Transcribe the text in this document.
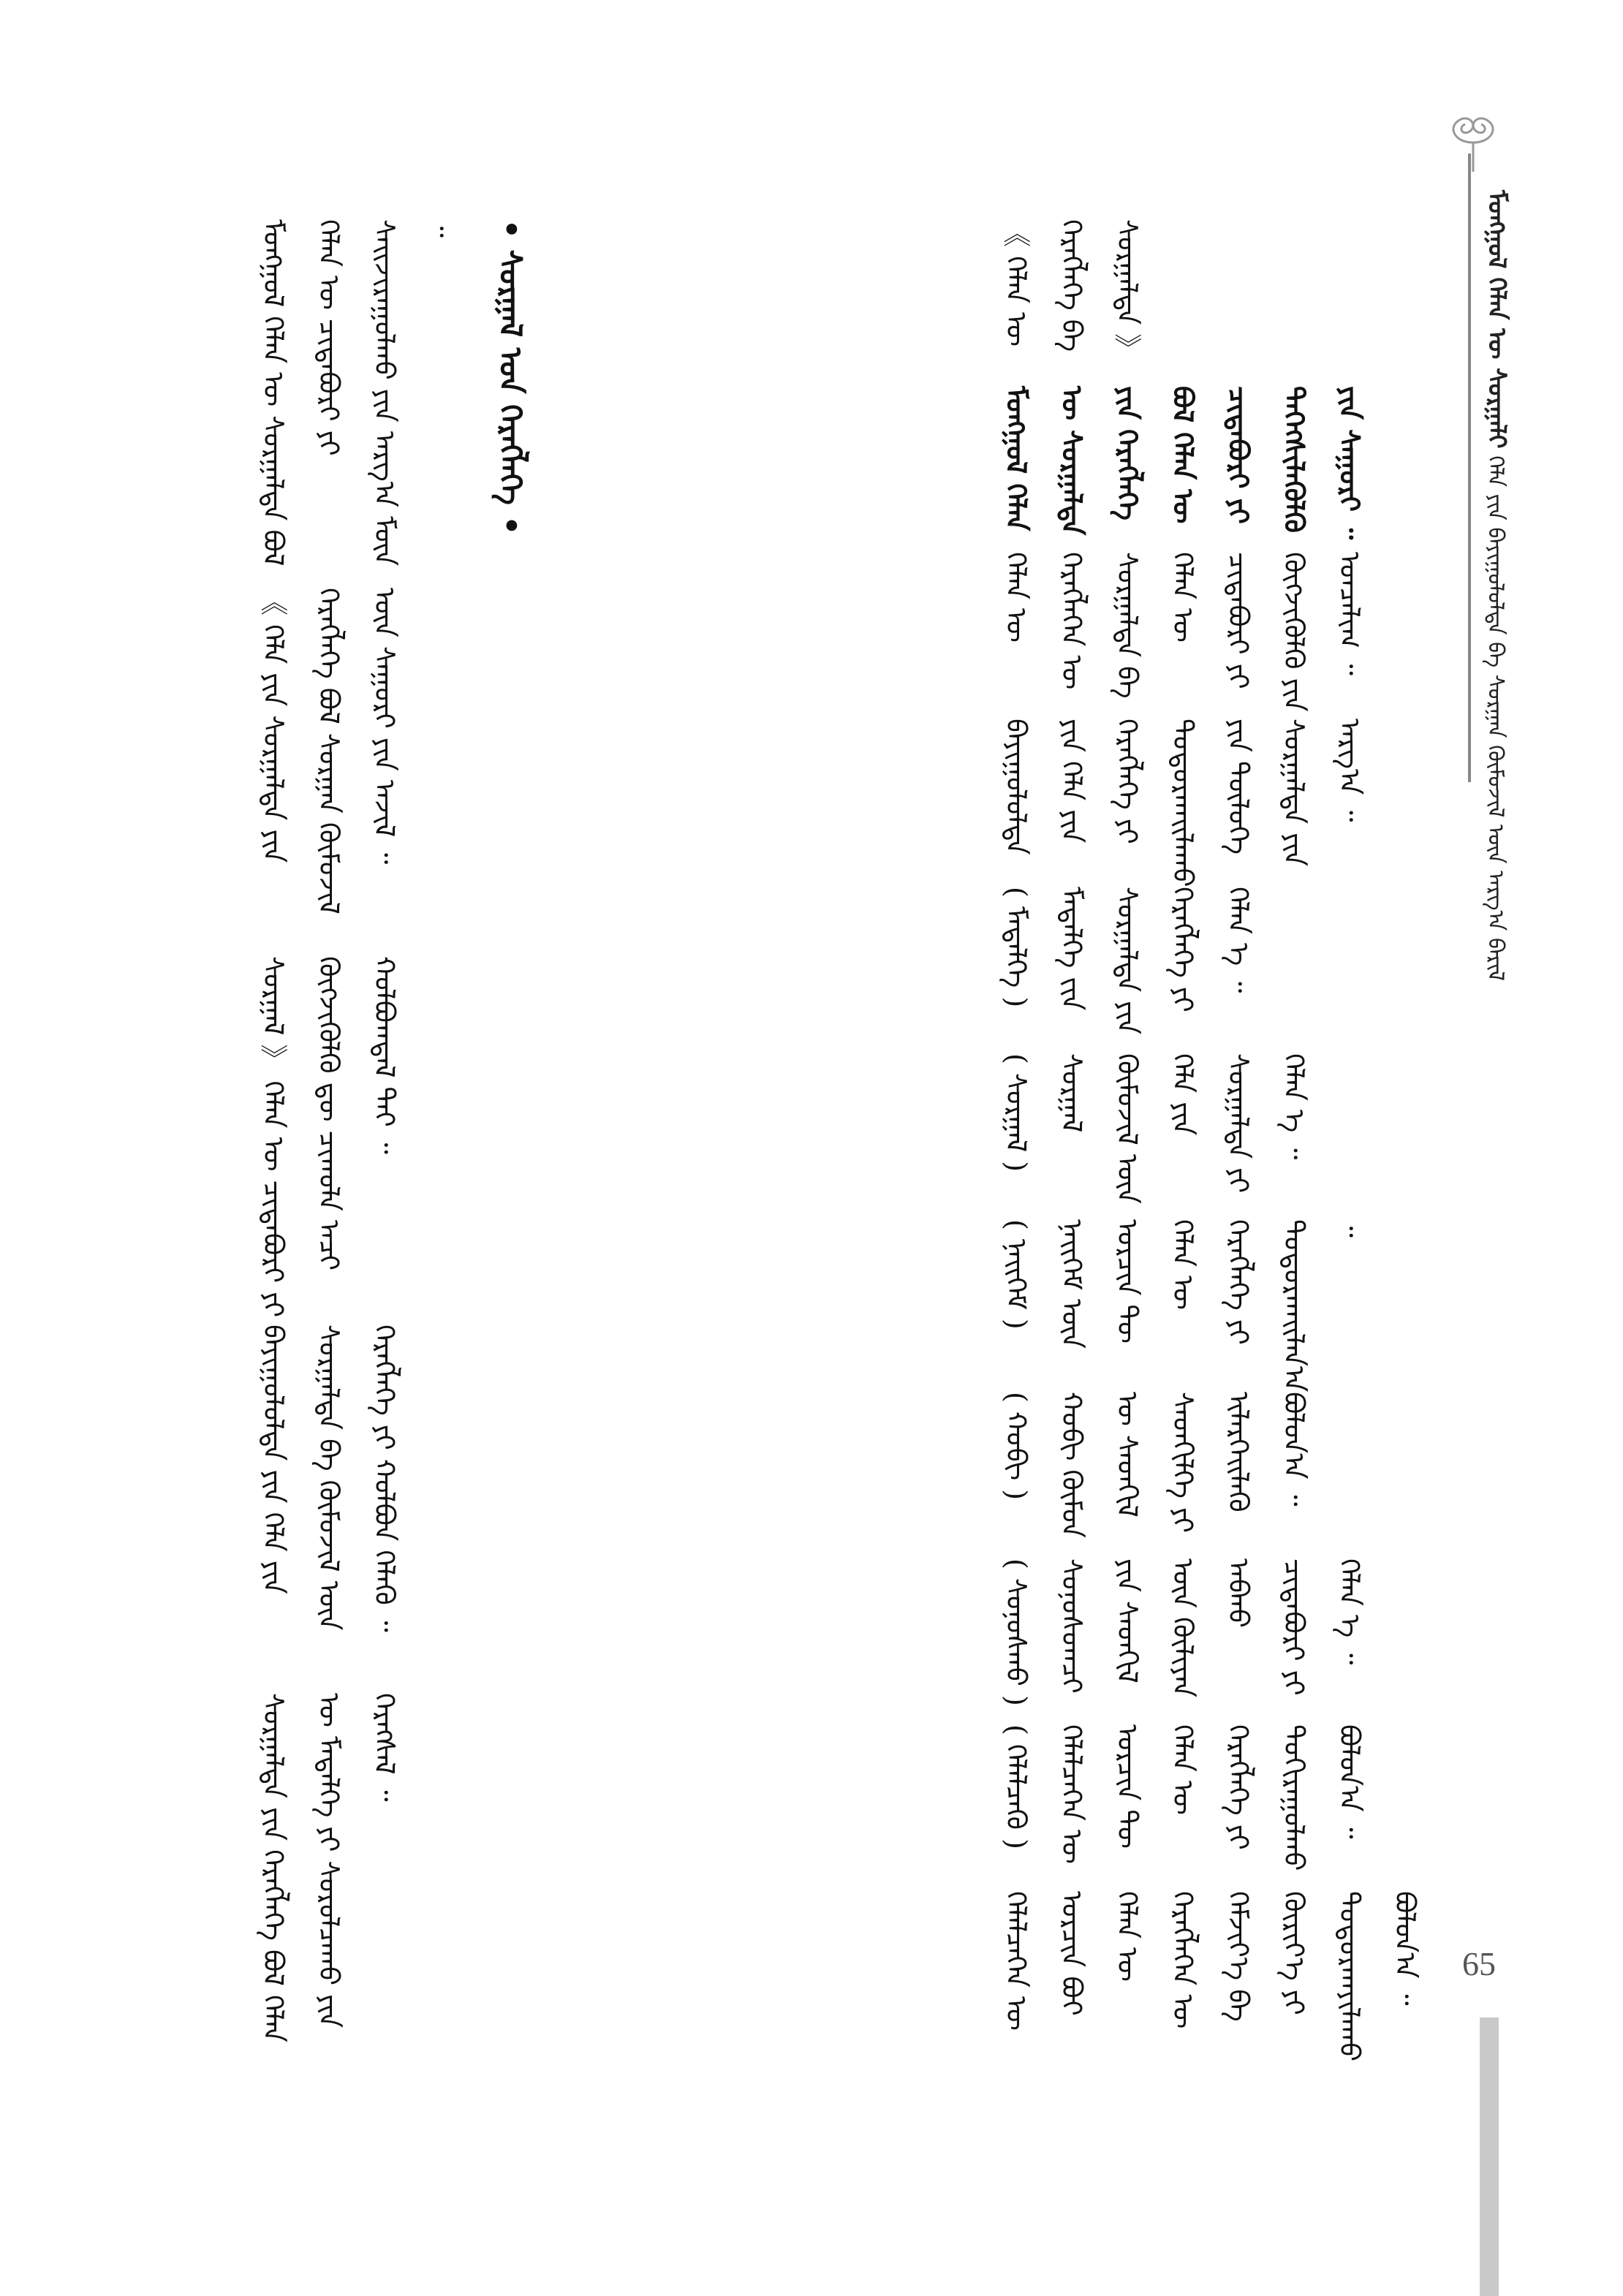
ᠮᠣᠩᠭᠣᠯ ᠬᠡᠯᠡᠨ ᠦ ᠰᠤᠷᠭᠠᠯᠢ ᠬᠡᠯᠡ ᠶᠢᠨ ᠪᠠᠶᠢᠭᠤᠯᠤᠯᠲᠠ ᠪᠠ ᠰᠤᠷᠭᠠᠨ ᠬᠦᠮᠦᠵᠢᠯ ᠦᠨ ᠠᠷᠭ᠎ᠠ ᠪᠠᠷᠢᠯ
ᠬᠡᠯᠡᠯᠴᠡᠭᠡᠨ ᠦ ᠣᠷᠴᠢᠨ ᠪᠤᠢ ᠬᠡᠯᠡᠨ ᠦ ᠬᠡᠷᠡᠭᠯᠡᠭᠡᠨ ᠦ ᠬᠡᠮᠵᠢᠶ᠎ᠡ ᠪᠠ ᠬᠦᠷᠢᠶ᠎ᠡ ᠶᠢ ᠲᠣᠳᠣᠷᠬᠠᠶᠢᠯᠠᠬᠤ ᠪᠣᠯᠤᠨ᠎ᠠ ᠃
( ᠬᠡᠯᠡᠯᠴᠡᠬᠦ ) ᠬᠡᠯᠡᠯᠴᠡᠭᠡᠨ ᠦ ᠣᠷᠴᠢᠨ ᠲᠦ ᠬᠡᠯᠡᠨ ᠦ ᠬᠡᠷᠡᠭᠯᠡᠭᠡ ᠶᠢ ᠲᠣᠬᠢᠷᠠᠭᠤᠯᠬᠤ ᠪᠣᠯᠤᠨ᠎ᠠ ᠃
( ᠰᠣᠨᠣᠰᠬᠤ ) ᠰᠣᠨᠣᠰᠤᠭᠴᠢ ᠶᠢᠨ ᠰᠡᠳᠬᠢᠯ ᠦᠨ ᠬᠦᠯᠢᠶᠡᠨ ᠠᠪᠬᠤ ᠴᠢᠳᠠᠪᠤᠷᠢ ᠶᠢ ᠬᠡᠯᠡᠨ ᠡ ᠃
( ᠬᠤᠪᠢ ) ᠬᠤᠪᠢ ᠬᠦᠮᠦᠨ ᠦ ᠰᠡᠳᠬᠢᠯ ᠰᠡᠳᠬᠢᠯᠭᠡ ᠶᠢ ᠢᠯᠡᠷᠬᠡᠢᠯᠡᠬᠦ ᠪᠣᠯᠤᠨ᠎ᠠ ᠃
( ᠨᠡᠢᠭᠡᠮ ) ᠨᠡᠢᠭᠡᠮ ᠦᠨ ᠣᠷᠴᠢᠨ ᠲᠦ ᠬᠡᠯᠡᠨ ᠦ ᠬᠡᠷᠡᠭᠯᠡᠭᠡ ᠶᠢ ᠲᠣᠳᠣᠷᠬᠠᠢᠯᠠᠨ᠎ᠠ ᠃
( ᠰᠤᠷᠭᠠᠯ ) ᠰᠤᠷᠭᠠᠯ ᠬᠦᠮᠦᠵᠢᠯ ᠦᠨ ᠬᠡᠯᠡ ᠶᠢᠨ ᠰᠤᠷᠭᠠᠯᠲᠠ ᠶᠢ ᠬᠡᠯᠡᠨ ᠡ ᠃
( ᠮᠡᠳᠡᠯᠭᠡ ) ᠮᠡᠳᠡᠯᠭᠡ ᠵᠢᠨ ᠰᠤᠷᠭᠠᠯᠲᠠ ᠶᠢᠨ ᠬᠡᠷᠡᠭᠯᠡᠭᠡ ᠶᠢ ᠬᠡᠯᠡᠨ ᠡ ᠃
ᠪᠠᠶᠢᠭᠤᠯᠤᠯᠲᠠ ᠶᠢᠨ ᠬᠡᠯᠡ ᠶᠢᠨ ᠬᠡᠷᠡᠭᠯᠡᠭᠡ ᠶᠢ ᠲᠣᠳᠣᠷᠬᠠᠢᠯᠠᠬᠤ ᠶᠢᠨ ᠲᠥᠯᠥᠭᠡ ᠰᠤᠷᠭᠠᠯᠲᠠ ᠶᠢᠨ ᠠᠷᠭ᠎ᠠ ᠃
ᠬᠡᠯᠡᠨ ᠦ ᠬᠡᠷᠡᠭᠯᠡᠭᠡᠨ ᠦ ᠰᠤᠷᠭᠠᠯᠲᠠ ᠪᠠ ᠬᠡᠯᠡᠨ ᠦ ᠴᠢᠳᠠᠪᠤᠷᠢ ᠶᠢ ᠬᠥᠭᠵᠢᠭᠦᠯᠬᠦ ᠶᠢᠨ ᠣᠨᠴᠠᠯᠢᠭ ᠃
ᠮᠣᠩᠭᠣᠯ ᠬᠡᠯᠡᠨ ᠦ ᠰᠤᠷᠭᠠᠯᠲᠠ ᠶᠢᠨ ᠬᠡᠷᠡᠭᠯᠡᠭᠡ ᠪᠣᠯ ᠬᠡᠯᠡᠨ ᠦ ᠴᠢᠳᠠᠪᠤᠷᠢ ᠶᠢ ᠳᠡᠭᠡᠭᠰᠢᠯᠡᠭᠦᠯᠬᠦ ᠶᠢᠨ ᠰᠠᠭᠤᠷᠢ ᠃
《 ᠬᠡᠯᠡᠨ ᠦ ᠬᠡᠷᠡᠭᠯᠡᠭᠡ ᠪᠠ ᠰᠤᠷᠭᠠᠯᠲᠠ 》
• ᠰᠤᠷᠭᠠᠯ ᠤᠨ ᠬᠡᠷᠡᠭᠯᠡᠭᠡ •
ᠰᠤᠷᠭᠠᠯᠲᠠ ᠶᠢᠨ ᠬᠡᠷᠡᠭᠯᠡᠭᠡ ᠪᠣᠯ ᠬᠡᠯᠡᠨ ᠦ ᠮᠡᠳᠡᠯᠭᠡ ᠶᠢ ᠰᠤᠷᠤᠯᠴᠠᠬᠤ ᠶᠢᠨ ᠬᠡᠷᠡᠭᠰᠡᠯ ᠃
ᠪᠠᠶᠢᠭᠤᠯᠤᠯᠲᠠ ᠶᠢᠨ ᠬᠡᠯᠡ ᠶᠢᠨ ᠰᠤᠷᠭᠠᠯᠲᠠ ᠪᠠ ᠬᠦᠮᠦᠵᠢᠯ ᠦᠨ ᠬᠡᠷᠡᠭᠯᠡᠭᠡ ᠶᠢ ᠬᠣᠯᠪᠣᠨ ᠬᠡᠯᠡᠬᠦ ᠃
ᠰᠤᠷᠭᠠᠯ 》 ᠬᠡᠯᠡᠨ ᠦ ᠴᠢᠳᠠᠪᠤᠷᠢ ᠶᠢ ᠬᠥᠭᠵᠢᠭᠦᠯᠬᠦ ᠳᠦ ᠴᠢᠬᠤᠯᠠ ᠠᠴᠢ ᠬᠣᠯᠪᠣᠭᠳᠠᠯ ᠲᠠᠢ ᠃
《 ᠬᠡᠯᠡ ᠶᠢᠨ ᠰᠤᠷᠭᠠᠯᠲᠠ ᠶᠢᠨ ᠬᠡᠷᠡᠭᠯᠡᠭᠡ ᠪᠣᠯ ᠰᠤᠷᠭᠠᠨ ᠬᠦᠮᠦᠵᠢᠯ ᠦᠨ ᠰᠠᠭᠤᠷᠢ ᠶᠢᠨ ᠠᠵᠢᠯ ᠃
ᠮᠣᠩᠭᠣᠯ ᠬᠡᠯᠡᠨ ᠦ ᠰᠤᠷᠭᠠᠯᠲᠠ ᠪᠣᠯ ᠬᠡᠯᠡᠨ ᠦ ᠴᠢᠳᠠᠪᠤᠷᠢ ᠶᠢ ᠰᠠᠢᠵᠢᠷᠠᠭᠤᠯᠬᠤ ᠶᠢᠨ ᠠᠷᠭ᠎ᠠ ᠮᠥᠨ ᠃
65
